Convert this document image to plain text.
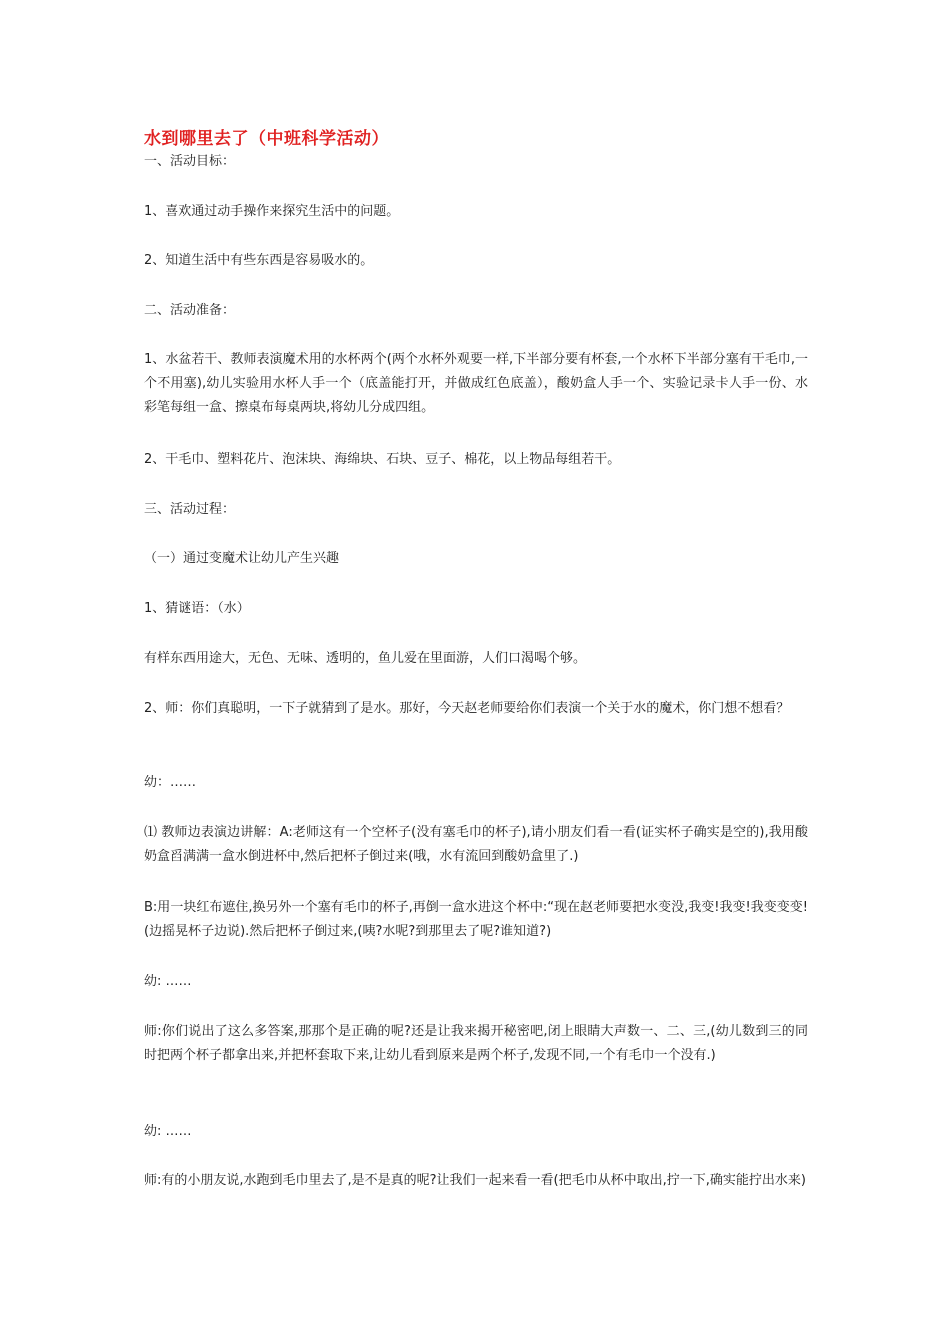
水到哪里去了（中班科学活动）
一、活动目标：
1、喜欢通过动手操作来探究生活中的问题。
2、知道生活中有些东西是容易吸水的。
二、活动准备：
1、水盆若干、教师表演魔术用的水杯两个(两个水杯外观要一样,下半部分要有杯套,一个水杯下半部分塞有干毛巾,一个不用塞),幼儿实验用水杯人手一个（底盖能打开，并做成红色底盖），酸奶盒人手一个、实验记录卡人手一份、水彩笔每组一盒、擦桌布每桌两块,将幼儿分成四组。
2、干毛巾、塑料花片、泡沫块、海绵块、石块、豆子、棉花，以上物品每组若干。
三、活动过程：
（一）通过变魔术让幼儿产生兴趣
1、猜谜语：（水）
有样东西用途大，无色、无味、透明的，鱼儿爱在里面游，人们口渴喝个够。
2、师：你们真聪明，一下子就猜到了是水。那好，今天赵老师要给你们表演一个关于水的魔术，你门想不想看？
幼：……
⑴ 教师边表演边讲解：A:老师这有一个空杯子(没有塞毛巾的杯子),请小朋友们看一看(证实杯子确实是空的),我用酸奶盒舀满满一盒水倒进杯中,然后把杯子倒过来(哦，水有流回到酸奶盒里了.)
B:用一块红布遮住,换另外一个塞有毛巾的杯子,再倒一盒水进这个杯中:“现在赵老师要把水变没,我变!我变!我变变变!(边摇晃杯子边说).然后把杯子倒过来,(咦?水呢?到那里去了呢?谁知道?)
幼: ……
师:你们说出了这么多答案,那那个是正确的呢?还是让我来揭开秘密吧,闭上眼睛大声数一、二、三,(幼儿数到三的同时把两个杯子都拿出来,并把杯套取下来,让幼儿看到原来是两个杯子,发现不同,一个有毛巾一个没有.)
幼: ……
师:有的小朋友说,水跑到毛巾里去了,是不是真的呢?让我们一起来看一看(把毛巾从杯中取出,拧一下,确实能拧出水来)
